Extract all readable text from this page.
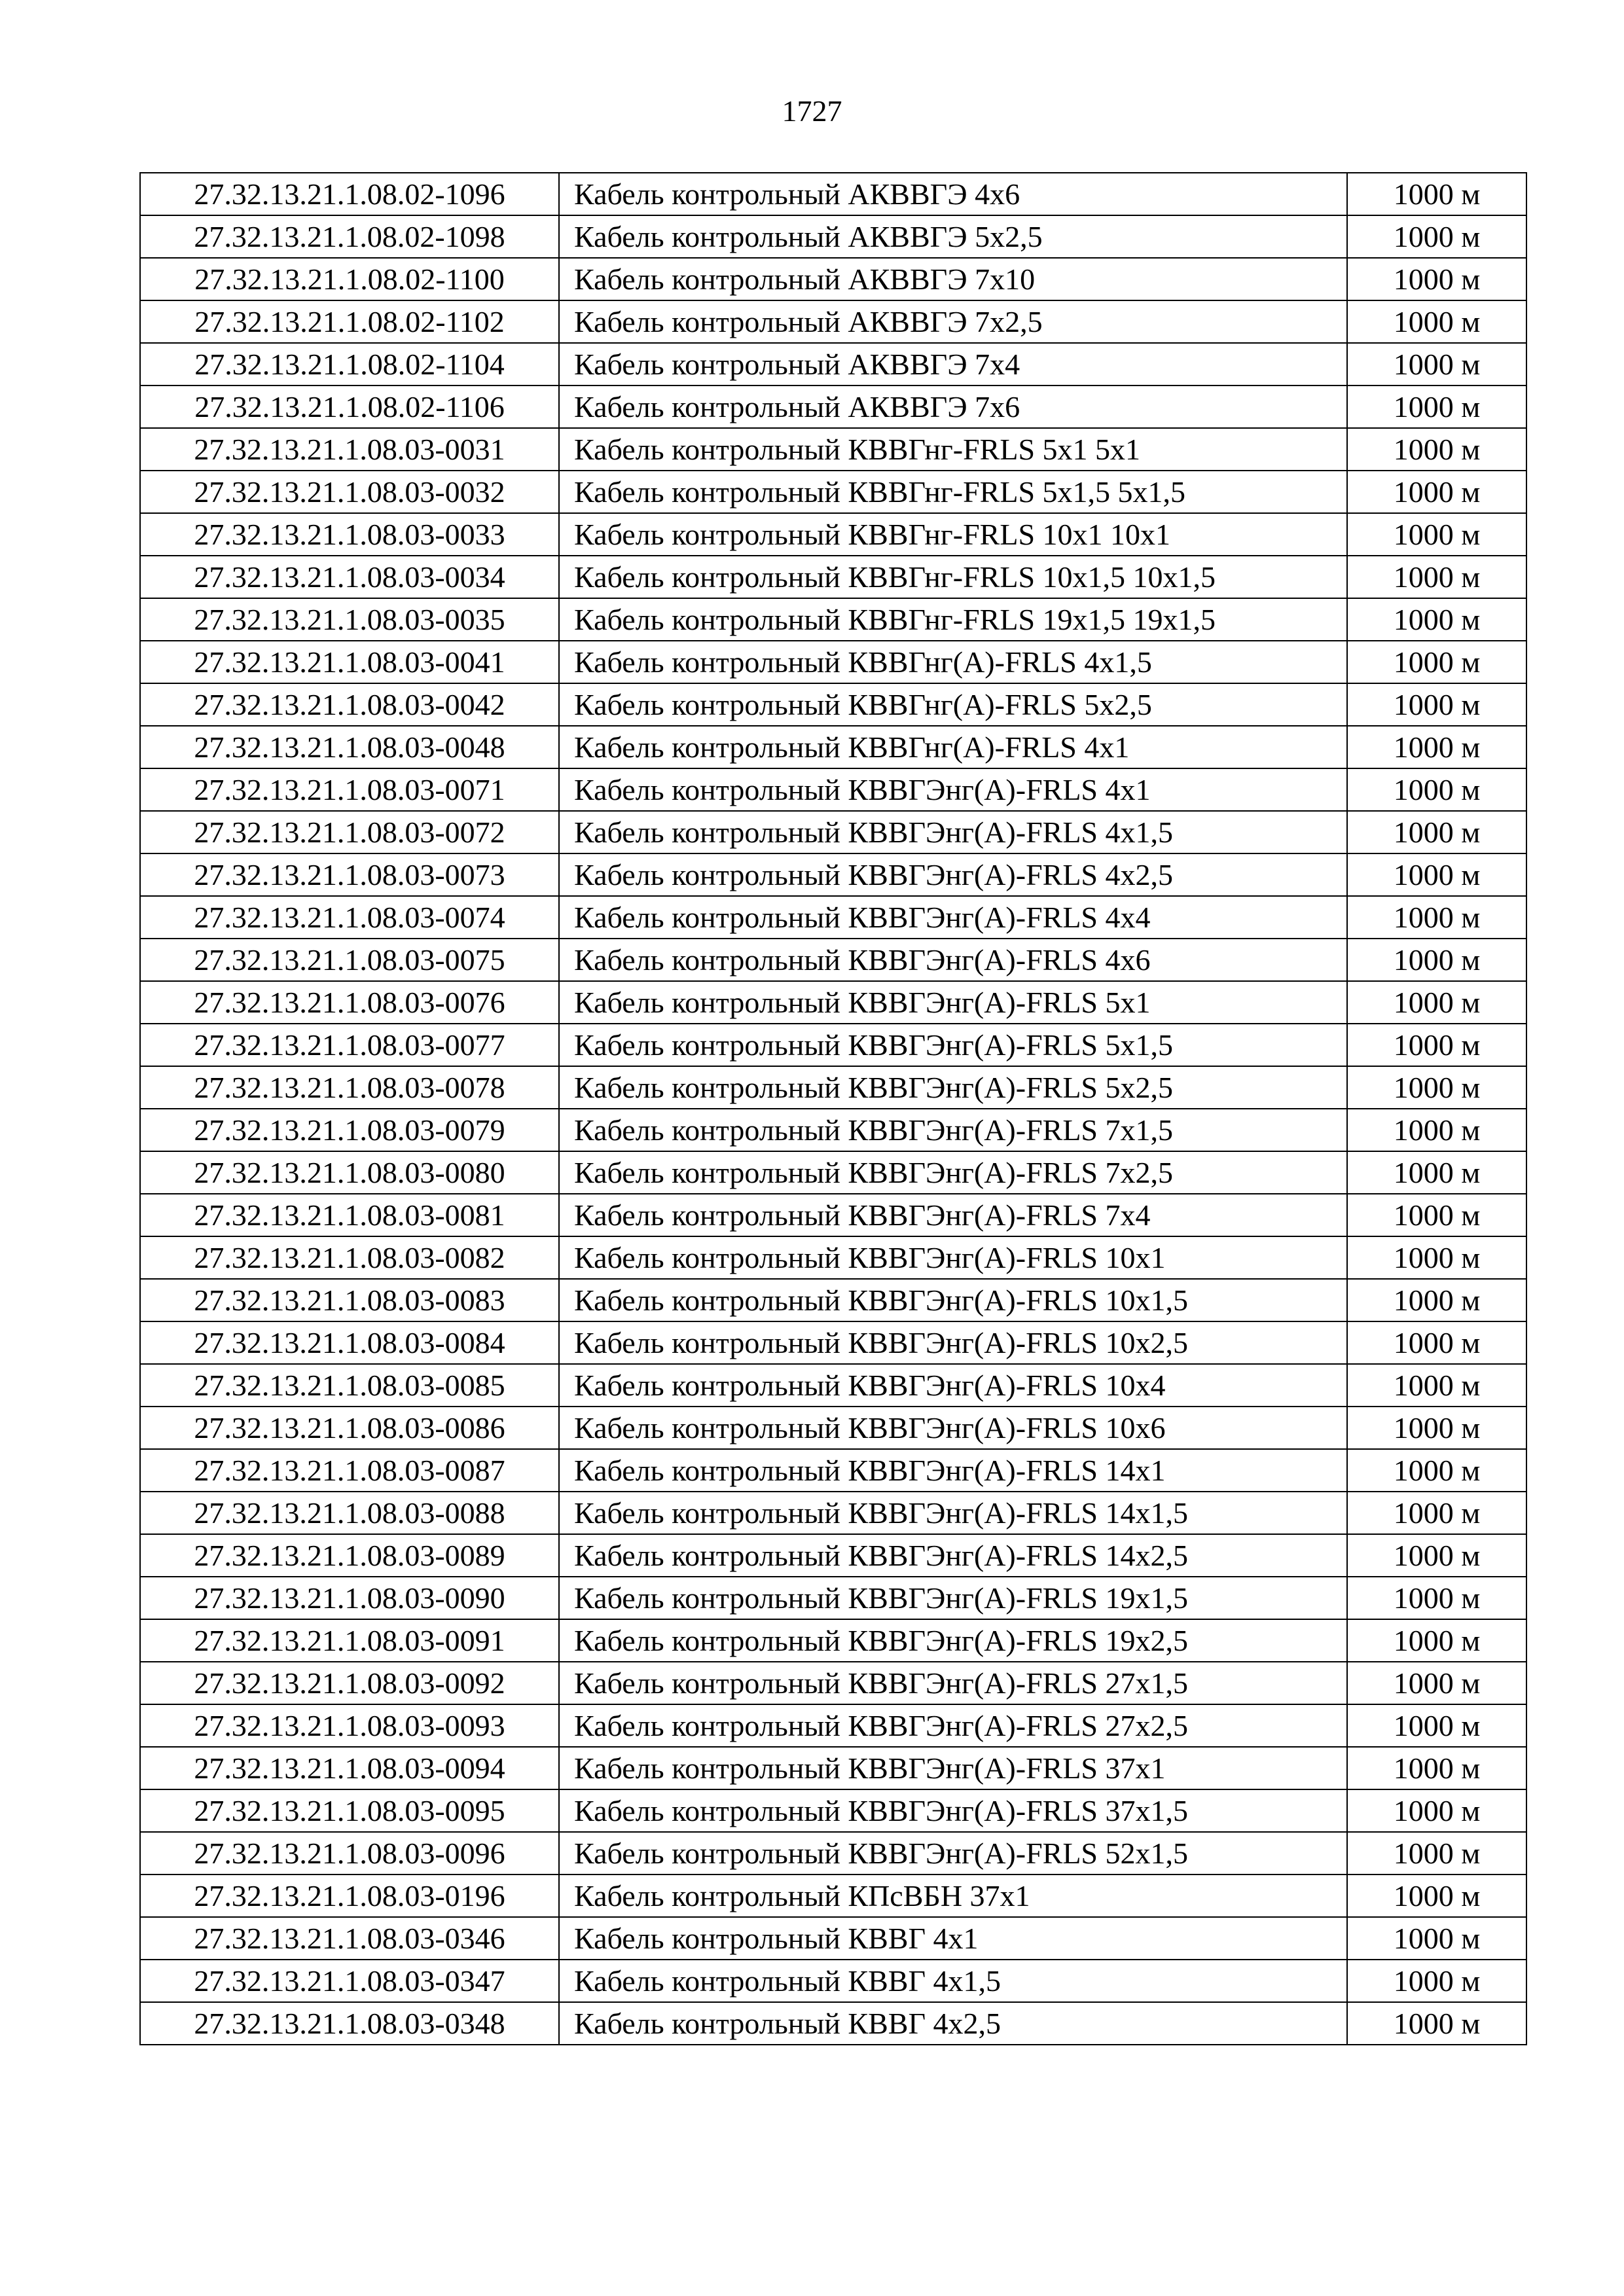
1727
27.32.13.21.1.08.02-1096	Кабель контрольный АКВВГЭ 4х6	1000 м
27.32.13.21.1.08.02-1098	Кабель контрольный АКВВГЭ 5х2,5	1000 м
27.32.13.21.1.08.02-1100	Кабель контрольный АКВВГЭ 7х10	1000 м
27.32.13.21.1.08.02-1102	Кабель контрольный АКВВГЭ 7х2,5	1000 м
27.32.13.21.1.08.02-1104	Кабель контрольный АКВВГЭ 7х4	1000 м
27.32.13.21.1.08.02-1106	Кабель контрольный АКВВГЭ 7х6	1000 м
27.32.13.21.1.08.03-0031	Кабель контрольный КВВГнг-FRLS 5х1 5х1	1000 м
27.32.13.21.1.08.03-0032	Кабель контрольный КВВГнг-FRLS 5х1,5 5х1,5	1000 м
27.32.13.21.1.08.03-0033	Кабель контрольный КВВГнг-FRLS 10х1 10х1	1000 м
27.32.13.21.1.08.03-0034	Кабель контрольный КВВГнг-FRLS 10х1,5 10х1,5	1000 м
27.32.13.21.1.08.03-0035	Кабель контрольный КВВГнг-FRLS 19х1,5 19х1,5	1000 м
27.32.13.21.1.08.03-0041	Кабель контрольный КВВГнг(А)-FRLS 4х1,5	1000 м
27.32.13.21.1.08.03-0042	Кабель контрольный КВВГнг(А)-FRLS 5х2,5	1000 м
27.32.13.21.1.08.03-0048	Кабель контрольный КВВГнг(А)-FRLS 4х1	1000 м
27.32.13.21.1.08.03-0071	Кабель контрольный КВВГЭнг(А)-FRLS 4х1	1000 м
27.32.13.21.1.08.03-0072	Кабель контрольный КВВГЭнг(А)-FRLS 4х1,5	1000 м
27.32.13.21.1.08.03-0073	Кабель контрольный КВВГЭнг(А)-FRLS 4х2,5	1000 м
27.32.13.21.1.08.03-0074	Кабель контрольный КВВГЭнг(А)-FRLS 4х4	1000 м
27.32.13.21.1.08.03-0075	Кабель контрольный КВВГЭнг(А)-FRLS 4х6	1000 м
27.32.13.21.1.08.03-0076	Кабель контрольный КВВГЭнг(А)-FRLS 5х1	1000 м
27.32.13.21.1.08.03-0077	Кабель контрольный КВВГЭнг(А)-FRLS 5х1,5	1000 м
27.32.13.21.1.08.03-0078	Кабель контрольный КВВГЭнг(А)-FRLS 5х2,5	1000 м
27.32.13.21.1.08.03-0079	Кабель контрольный КВВГЭнг(А)-FRLS 7х1,5	1000 м
27.32.13.21.1.08.03-0080	Кабель контрольный КВВГЭнг(А)-FRLS 7х2,5	1000 м
27.32.13.21.1.08.03-0081	Кабель контрольный КВВГЭнг(А)-FRLS 7х4	1000 м
27.32.13.21.1.08.03-0082	Кабель контрольный КВВГЭнг(А)-FRLS 10х1	1000 м
27.32.13.21.1.08.03-0083	Кабель контрольный КВВГЭнг(А)-FRLS 10х1,5	1000 м
27.32.13.21.1.08.03-0084	Кабель контрольный КВВГЭнг(А)-FRLS 10х2,5	1000 м
27.32.13.21.1.08.03-0085	Кабель контрольный КВВГЭнг(А)-FRLS 10х4	1000 м
27.32.13.21.1.08.03-0086	Кабель контрольный КВВГЭнг(А)-FRLS 10х6	1000 м
27.32.13.21.1.08.03-0087	Кабель контрольный КВВГЭнг(А)-FRLS 14х1	1000 м
27.32.13.21.1.08.03-0088	Кабель контрольный КВВГЭнг(А)-FRLS 14х1,5	1000 м
27.32.13.21.1.08.03-0089	Кабель контрольный КВВГЭнг(А)-FRLS 14х2,5	1000 м
27.32.13.21.1.08.03-0090	Кабель контрольный КВВГЭнг(А)-FRLS 19х1,5	1000 м
27.32.13.21.1.08.03-0091	Кабель контрольный КВВГЭнг(А)-FRLS 19х2,5	1000 м
27.32.13.21.1.08.03-0092	Кабель контрольный КВВГЭнг(А)-FRLS 27х1,5	1000 м
27.32.13.21.1.08.03-0093	Кабель контрольный КВВГЭнг(А)-FRLS 27х2,5	1000 м
27.32.13.21.1.08.03-0094	Кабель контрольный КВВГЭнг(А)-FRLS 37х1	1000 м
27.32.13.21.1.08.03-0095	Кабель контрольный КВВГЭнг(А)-FRLS 37х1,5	1000 м
27.32.13.21.1.08.03-0096	Кабель контрольный КВВГЭнг(А)-FRLS 52х1,5	1000 м
27.32.13.21.1.08.03-0196	Кабель контрольный КПсВБН 37х1	1000 м
27.32.13.21.1.08.03-0346	Кабель контрольный КВВГ 4х1	1000 м
27.32.13.21.1.08.03-0347	Кабель контрольный КВВГ 4х1,5	1000 м
27.32.13.21.1.08.03-0348	Кабель контрольный КВВГ 4х2,5	1000 м
